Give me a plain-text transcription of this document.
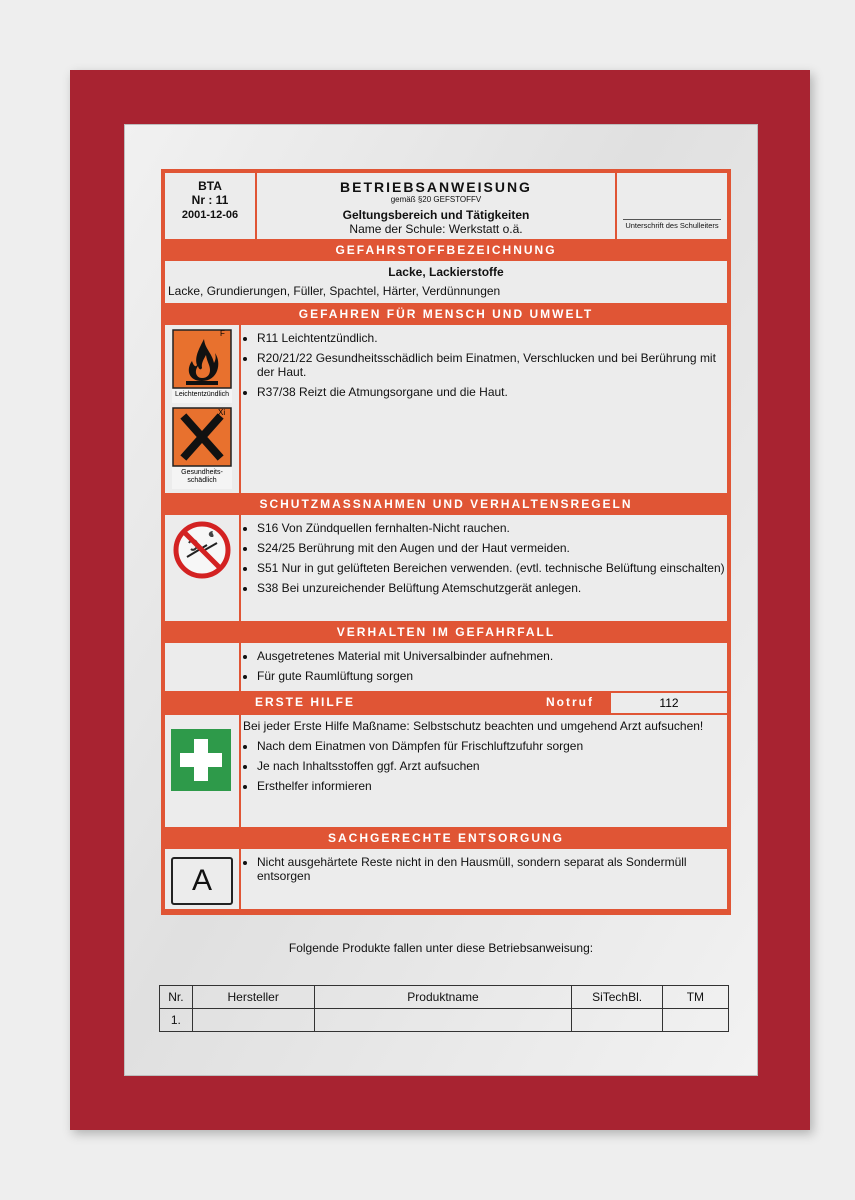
BTA
Nr : 11
2001-12-06
BETRIEBSANWEISUNG
gemäß §20 GEFSTOFFV
Geltungsbereich und Tätigkeiten
Name der Schule: Werkstatt o.ä.	Unterschrift des Schulleiters
GEFAHRSTOFFBEZEICHNUNG
Lacke, Lackierstoffe
Lacke, Grundierungen, Füller, Spachtel, Härter, Verdünnungen
GEFAHREN FÜR MENSCH UND UMWELT
F
Leichtentzündlich
Xi
Gesundheits-schädlich
• R11 Leichtentzündlich.
• R20/21/22 Gesundheitsschädlich beim Einatmen, Verschlucken und bei Berührung mit der Haut.
• R37/38 Reizt die Atmungsorgane und die Haut.
SCHUTZMASSNAHMEN UND VERHALTENSREGELN
• S16 Von Zündquellen fernhalten-Nicht rauchen.
• S24/25 Berührung mit den Augen und der Haut vermeiden.
• S51 Nur in gut gelüfteten Bereichen verwenden. (evtl. technische Belüftung einschalten)
• S38 Bei unzureichender Belüftung Atemschutzgerät anlegen.
VERHALTEN IM GEFAHRFALL
• Ausgetretenes Material mit Universalbinder aufnehmen.
• Für gute Raumlüftung sorgen
ERSTE HILFE	Notruf	112
Bei jeder Erste Hilfe Maßname: Selbstschutz beachten und umgehend Arzt aufsuchen!
• Nach dem Einatmen von Dämpfen für Frischluftzufuhr sorgen
• Je nach Inhaltsstoffen ggf. Arzt aufsuchen
• Ersthelfer informieren
SACHGERECHTE ENTSORGUNG
A
• Nicht ausgehärtete Reste nicht in den Hausmüll, sondern separat als Sondermüll entsorgen
Folgende Produkte fallen unter diese Betriebsanweisung:
Nr.	Hersteller	Produktname	SiTechBl.	TM
1.				
